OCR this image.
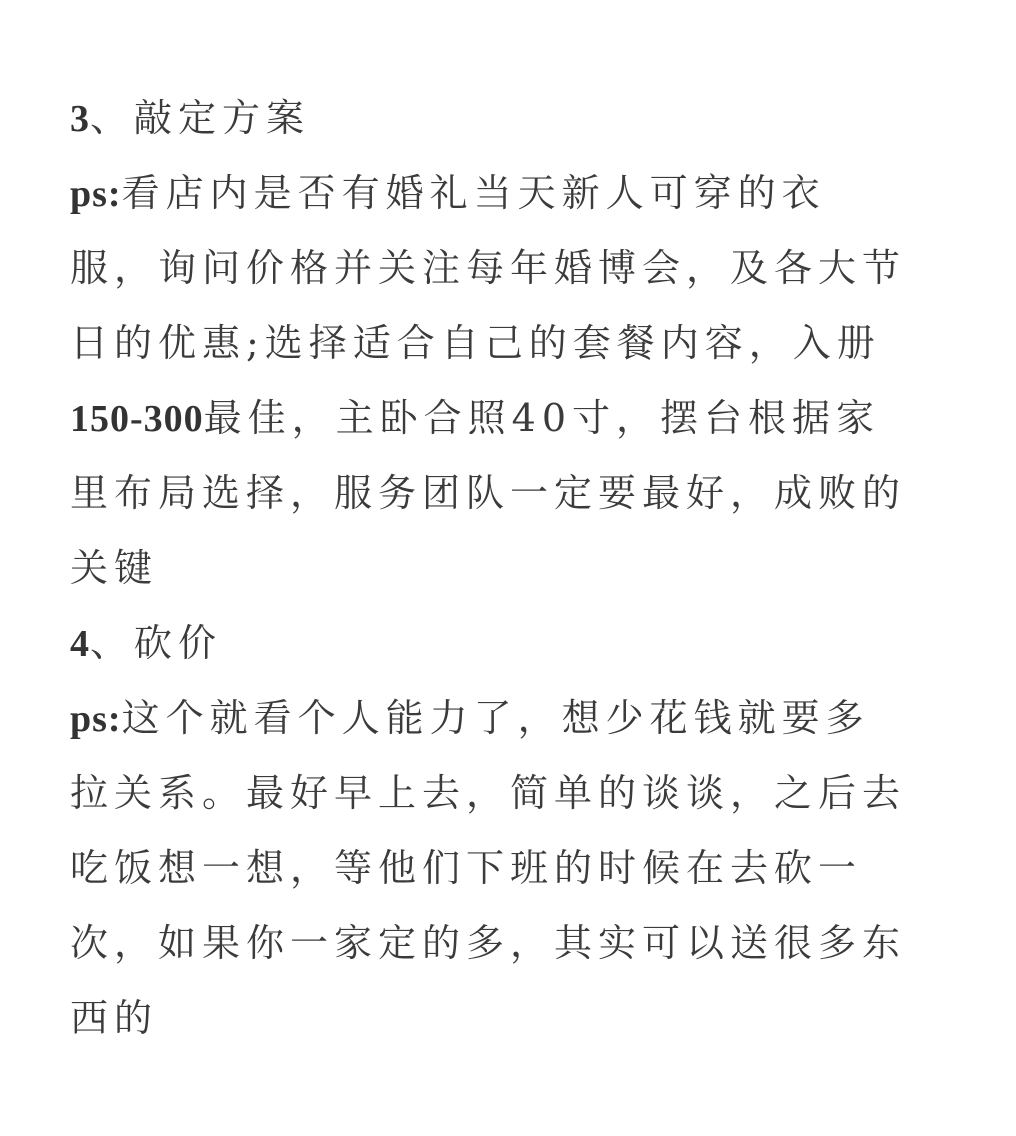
3、敲定方案
ps:看店内是否有婚礼当天新人可穿的衣
服，询问价格并关注每年婚博会，及各大节
日的优惠;选择适合自己的套餐内容，入册
150-300最佳，主卧合照40寸，摆台根据家
里布局选择，服务团队一定要最好，成败的
关键
4、砍价
ps:这个就看个人能力了，想少花钱就要多
拉关系。最好早上去，简单的谈谈，之后去
吃饭想一想，等他们下班的时候在去砍一
次，如果你一家定的多，其实可以送很多东
西的
